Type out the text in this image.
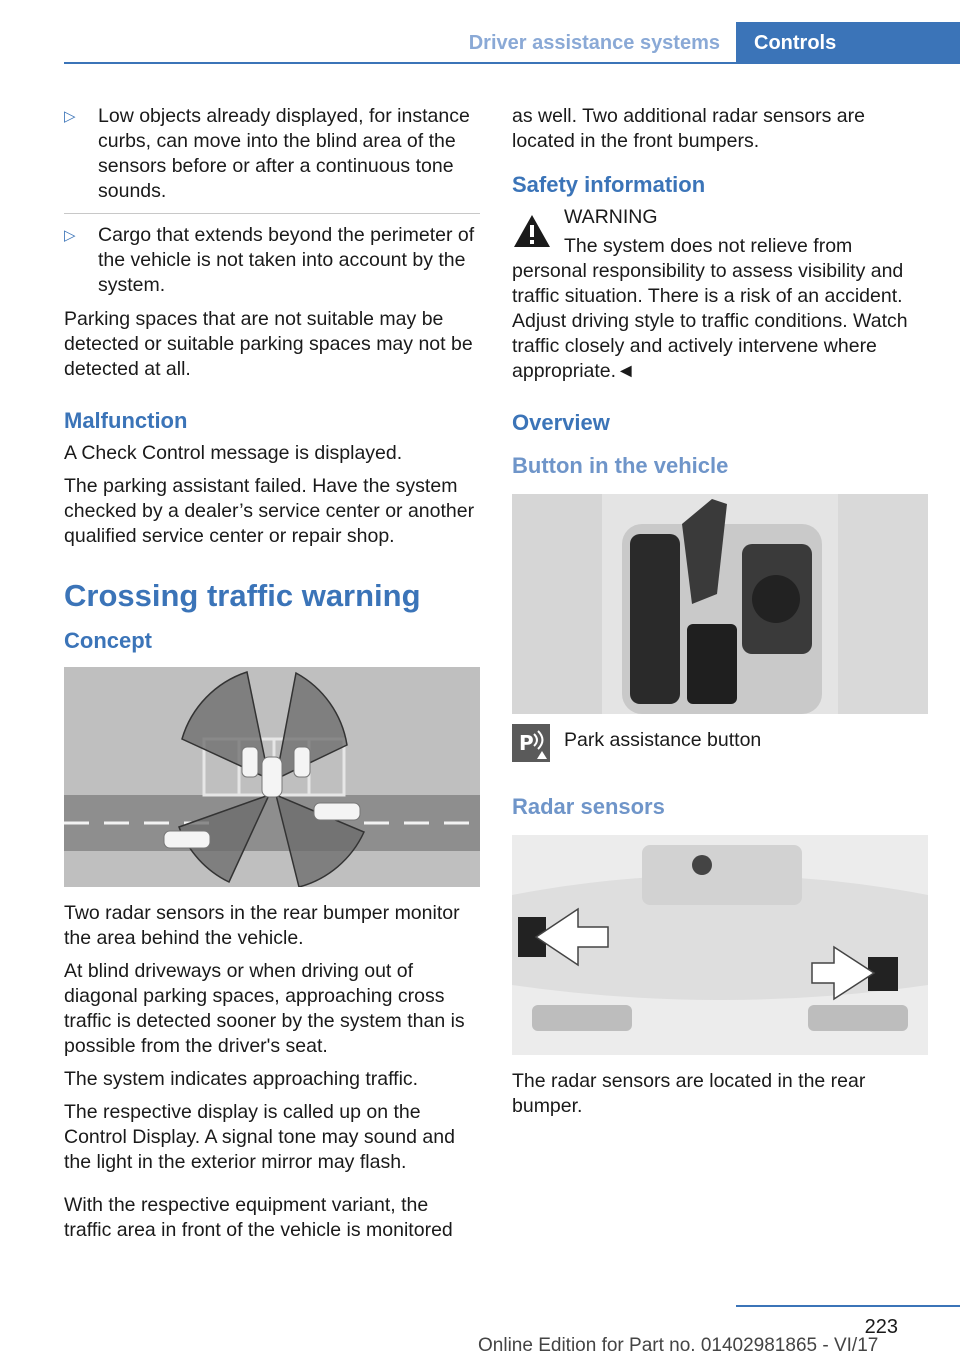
Driver assistance systems	Controls
▷ Low objects already displayed, for instance curbs, can move into the blind area of the sensors before or after a continuous tone sounds.
▷ Cargo that extends beyond the perimeter of the vehicle is not taken into account by the system.

Parking spaces that are not suitable may be detected or suitable parking spaces may not be detected at all.

Malfunction

A Check Control message is displayed.

The parking assistant failed. Have the system checked by a dealer’s service center or another qualified service center or repair shop.

Crossing traffic warning
Concept

Two radar sensors in the rear bumper monitor the area behind the vehicle.

At blind driveways or when driving out of diagonal parking spaces, approaching cross traffic is detected sooner by the system than is possible from the driver's seat.

The system indicates approaching traffic.

The respective display is called up on the Control Display. A signal tone may sound and the light in the exterior mirror may flash.

With the respective equipment variant, the traffic area in front of the vehicle is monitored

as well. Two additional radar sensors are located in the front bumpers.

Safety information
WARNING

The system does not relieve from personal responsibility to assess visibility and traffic situation. There is a risk of an accident. Adjust driving style to traffic conditions. Watch traffic closely and actively intervene where appropriate.◄

Overview
Button in the vehicle
P Park assistance button
Radar sensors

The radar sensors are located in the rear bumper.

223
Online Edition for Part no. 01402981865 - VI/17
